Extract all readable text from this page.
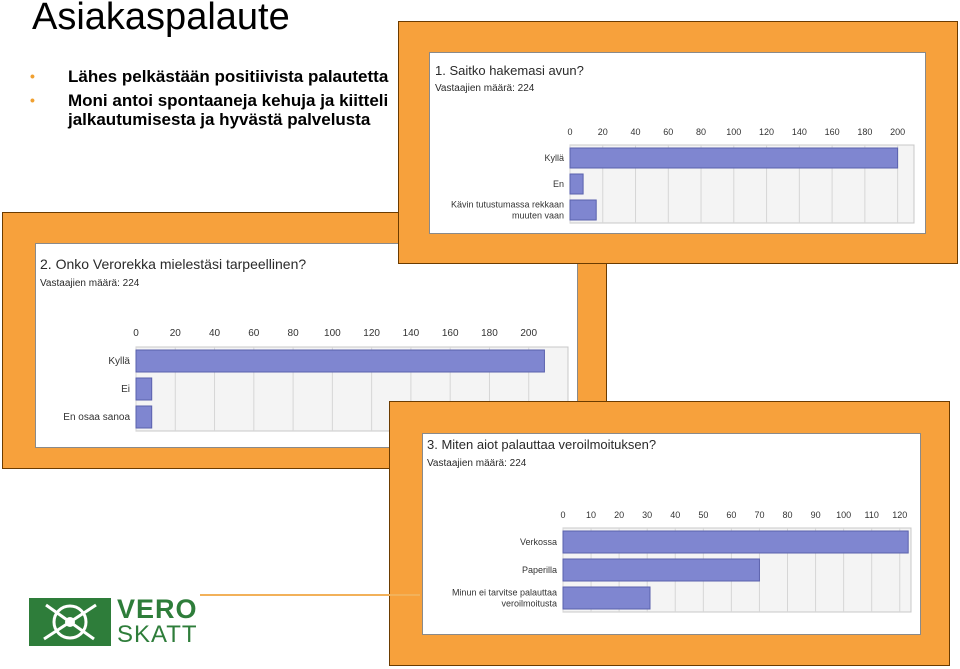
Asiakaspalaute
• Lähes pelkästään positiivista palautetta
• Moni antoi spontaaneja kehuja ja kiitteli jalkautumisesta ja hyvästä palvelusta
2. Onko Verorekka mielestäsi tarpeellinen?
Vastaajien määrä: 224
0	20	40	60	80	100 120 140 160 180 200
Kyllä
Ei
En osaa sanoa
1. Saitko hakemasi avun?
Vastaajien määrä: 224
0	20	40	60	80 100 120 140 160 180 200
Kyllä
En
Kävin tutustumassa rekkaan
muuten vaan
3. Miten aiot palauttaa veroilmoituksen?
Vastaajien määrä: 224
0 10 20 30 40 50 60 70 80 90 100 110 120
Verkossa
Paperilla
Minun ei tarvitse palauttaa
veroilmoitusta
VERO
SKATT
